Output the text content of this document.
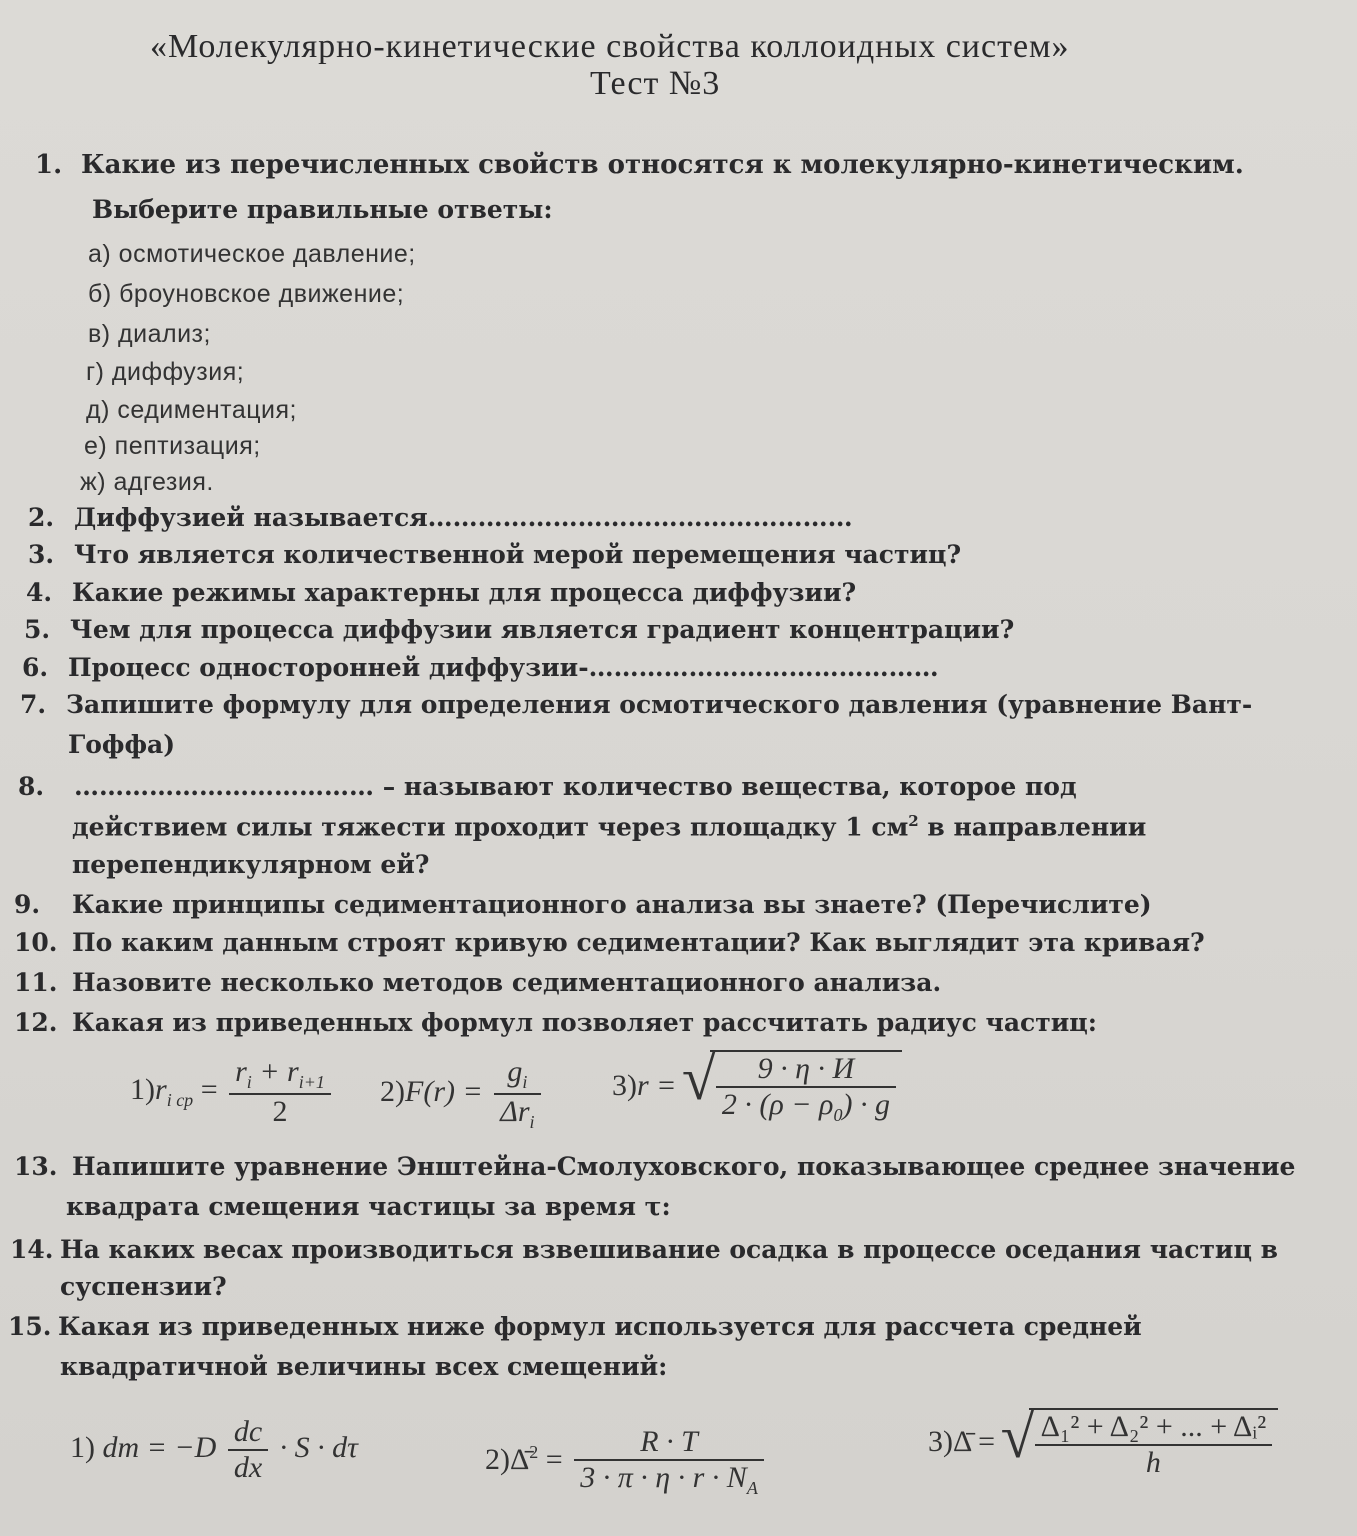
«Молекулярно-кинетические свойства коллоидных систем»
Тест №3
1. Какие из перечисленных свойств относятся к молекулярно-кинетическим.
Выберите правильные ответы:
а) осмотическое давление;
б) броуновское движение;
в) диализ;
г) диффузия;
д) седиментация;
е) пептизация;
ж) адгезия.
2. Диффузией называется……………………………………………
3. Что является количественной мерой перемещения частиц?
4. Какие режимы характерны для процесса диффузии?
5. Чем для процесса диффузии является градиент концентрации?
6. Процесс односторонней диффузии-……………………………………
7. Запишите формулу для определения осмотического давления (уравнение Вант-
Гоффа)
8. ……………………………… – называют количество вещества, которое под
действием силы тяжести проходит через площадку 1 $см^2$ в направлении
перепендикулярном ей?
9. Какие принципы седиментационного анализа вы знаете? (Перечислите)
10. По каким данным строят кривую седиментации? Как выглядит эта кривая?
11. Назовите несколько методов седиментационного анализа.
12. Какая из приведенных формул позволяет рассчитать радиус частиц:
$1)r_{i ср} = \frac{r_i + r_{i+1}}{2} 2)F(r) = \frac{g_i}{\Delta r_i} 3)r$ = √ $\frac{9 \cdot \eta \cdot И}{2 \cdot (\rho - \rho_0) \cdot g}$
13. Напишите уравнение Энштейна-Смолуховского, показывающее среднее значение
квадрата смещения частицы за время τ:
14. На каких весах производиться взвешивание осадка в процессе оседания частиц в
суспензии?
15. Какая из приведенных ниже формул используется для рассчета средней
квадратичной величины всех смещений:
1) dm = $-D \frac{dc}{dx} \cdot S \cdot d\tau$	2)Δ̄$^2$ = $\frac{R \cdot T}{3 \cdot \pi \cdot \eta \cdot r \cdot N_A}$	3)Δ̄ = √ $\frac{\text{Δ₁² + Δ₂² + ... + Δᵢ²}}{h}$
